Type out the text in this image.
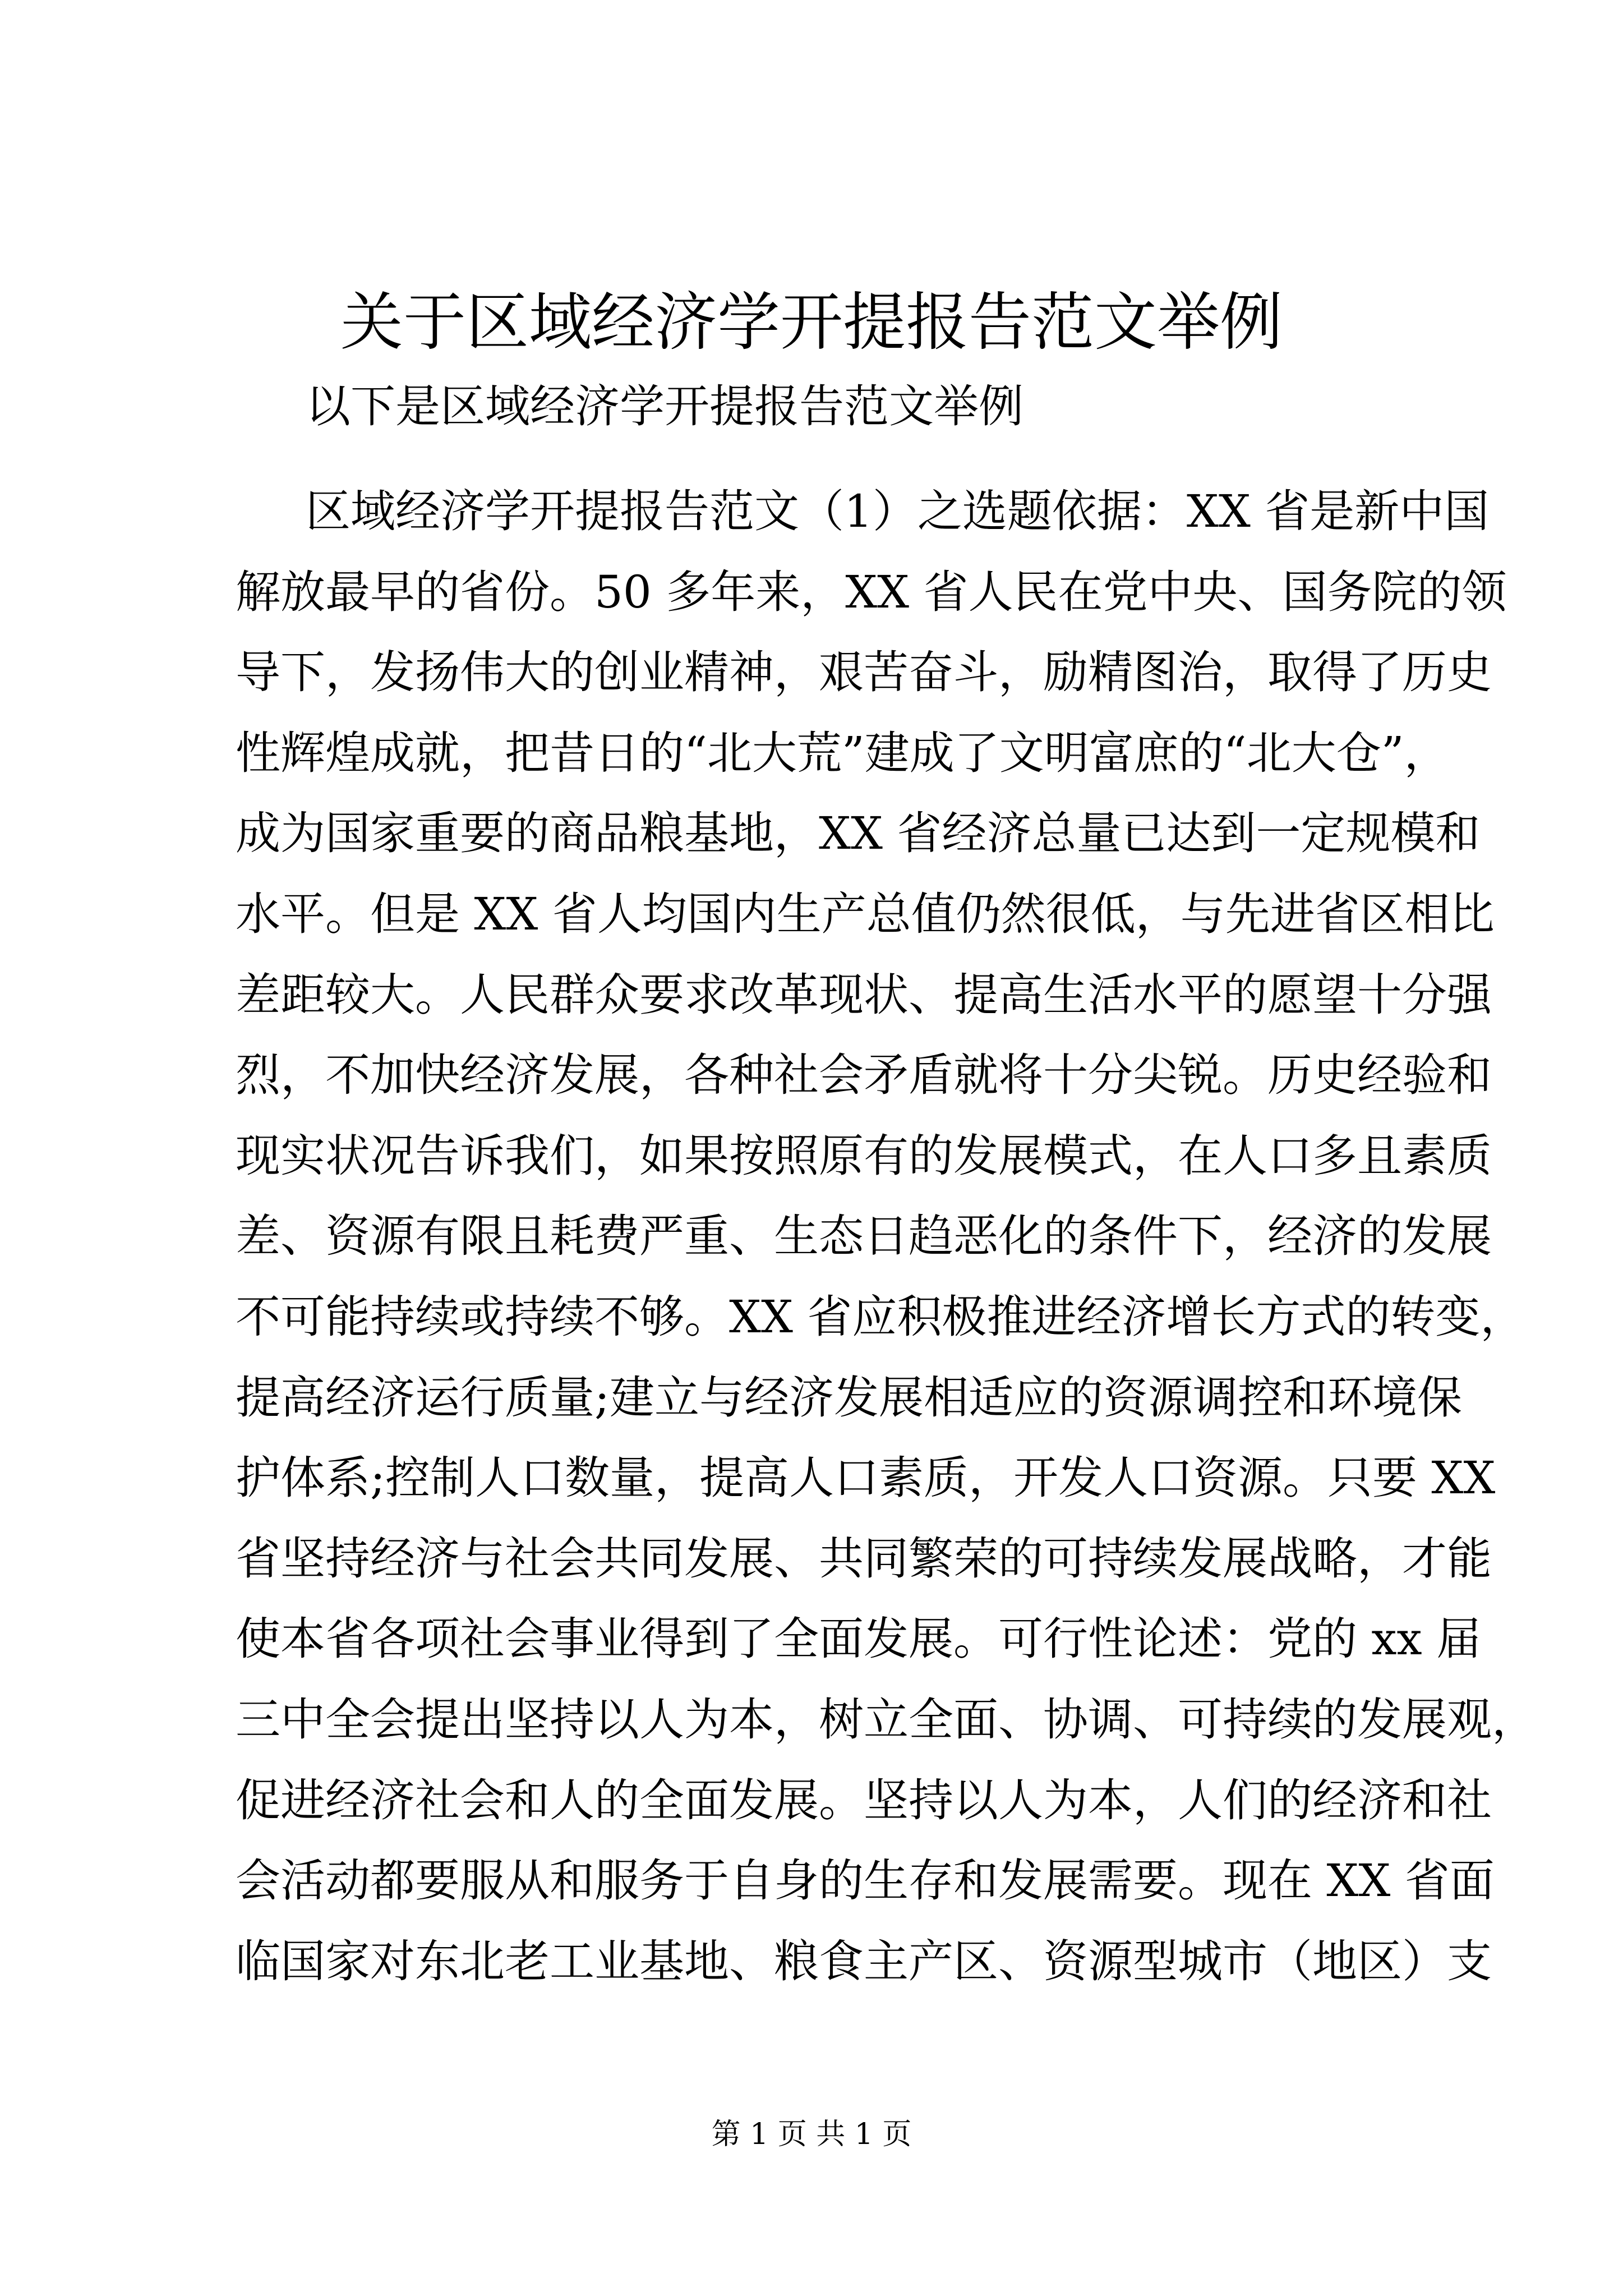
关于区域经济学开提报告范文举例

以下是区域经济学开提报告范文举例

区域经济学开提报告范文（1）之选题依据：XX 省是新中国
解放最早的省份。50 多年来，XX 省人民在党中央、国务院的领
导下，发扬伟大的创业精神，艰苦奋斗，励精图治，取得了历史
性辉煌成就，把昔日的“北大荒”建成了文明富庶的“北大仓”，
成为国家重要的商品粮基地，XX 省经济总量已达到一定规模和
水平。但是 XX 省人均国内生产总值仍然很低，与先进省区相比
差距较大。人民群众要求改革现状、提高生活水平的愿望十分强
烈，不加快经济发展，各种社会矛盾就将十分尖锐。历史经验和
现实状况告诉我们，如果按照原有的发展模式，在人口多且素质
差、资源有限且耗费严重、生态日趋恶化的条件下，经济的发展
不可能持续或持续不够。XX 省应积极推进经济增长方式的转变，
提高经济运行质量;建立与经济发展相适应的资源调控和环境保
护体系;控制人口数量，提高人口素质，开发人口资源。只要 XX
省坚持经济与社会共同发展、共同繁荣的可持续发展战略，才能
使本省各项社会事业得到了全面发展。可行性论述：党的 xx 届
三中全会提出坚持以人为本，树立全面、协调、可持续的发展观，
促进经济社会和人的全面发展。坚持以人为本，人们的经济和社
会活动都要服从和服务于自身的生存和发展需要。现在 XX 省面
临国家对东北老工业基地、粮食主产区、资源型城市（地区）支
第 1 页 共 1 页
